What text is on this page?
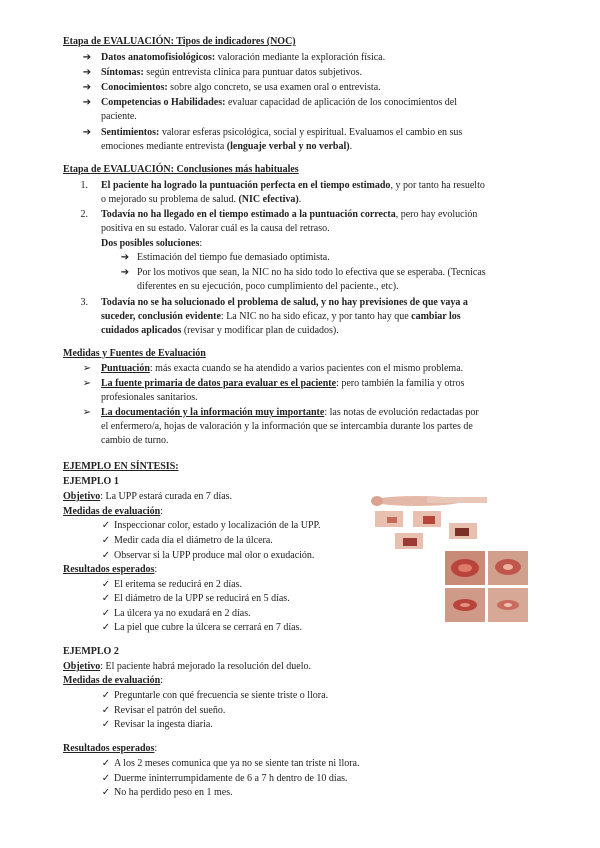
Etapa de EVALUACIÓN: Tipos de indicadores (NOC)
➔ Datos anatomofisiológicos: valoración mediante la exploración física.
➔ Síntomas: según entrevista clínica para puntuar datos subjetivos.
➔ Conocimientos: sobre algo concreto, se usa examen oral o entrevista.
➔ Competencias o Habilidades: evaluar capacidad de aplicación de los conocimientos del
paciente.
➔ Sentimientos: valorar esferas psicológica, social y espiritual. Evaluamos el cambio en sus
emociones mediante entrevista (lenguaje verbal y no verbal).
Etapa de EVALUACIÓN: Conclusiones más habituales
1. El paciente ha logrado la puntuación perfecta en el tiempo estimado, y por tanto ha resuelto
o mejorado su problema de salud. (NIC efectiva).
2. Todavía no ha llegado en el tiempo estimado a la puntuación correcta, pero hay evolución
positiva en su estado. Valorar cuál es la causa del retraso.
Dos posibles soluciones:
➔ Estimación del tiempo fue demasiado optimista.
➔ Por los motivos que sean, la NIC no ha sido todo lo efectiva que se esperaba. (Tecnicas
diferentes en su ejecución, poco cumplimiento del paciente., etc).
3. Todavía no se ha solucionado el problema de salud, y no hay previsiones de que vaya a
suceder, conclusión evidente: La NIC no ha sido eficaz, y por tanto hay que cambiar los
cuidados aplicados (revisar y modificar plan de cuidados).
Medidas y Fuentes de Evaluación
➢ Puntuación: más exacta cuando se ha atendido a varios pacientes con el mismo problema.
➢ La fuente primaria de datos para evaluar es el paciente: pero también la familia y otros
profesionales sanitarios.
➢ La documentación y la información muy importante: las notas de evolución redactadas por
el enfermero/a, hojas de valoración y la información que se intercambia durante los partes de
cambio de turno.
EJEMPLO EN SÍNTESIS:
EJEMPLO 1
Objetivo: La UPP estará curada en 7 días.
Medidas de evaluación:
✓ Inspeccionar color, estado y localización de la UPP.
✓ Medir cada día el diámetro de la úlcera.
✓ Observar si la UPP produce mal olor o exudación.
Resultados esperados:
✓ El eritema se reducirá en 2 días.
✓ El diámetro de la UPP se reducirá en 5 días.
✓ La úlcera ya no exudará en 2 días.
✓ La piel que cubre la úlcera se cerrará en 7 días.
EJEMPLO 2
Objetivo: El paciente habrá mejorado la resolución del duelo.
Medidas de evaluación:
✓ Preguntarle con qué frecuencia se siente triste o llora.
✓ Revisar el patrón del sueño.
✓ Revisar la ingesta diaria.
Resultados esperados:
✓ A los 2 meses comunica que ya no se siente tan triste ni llora.
✓ Duerme ininterrumpidamente de 6 a 7 h dentro de 10 días.
✓ No ha perdido peso en 1 mes.
